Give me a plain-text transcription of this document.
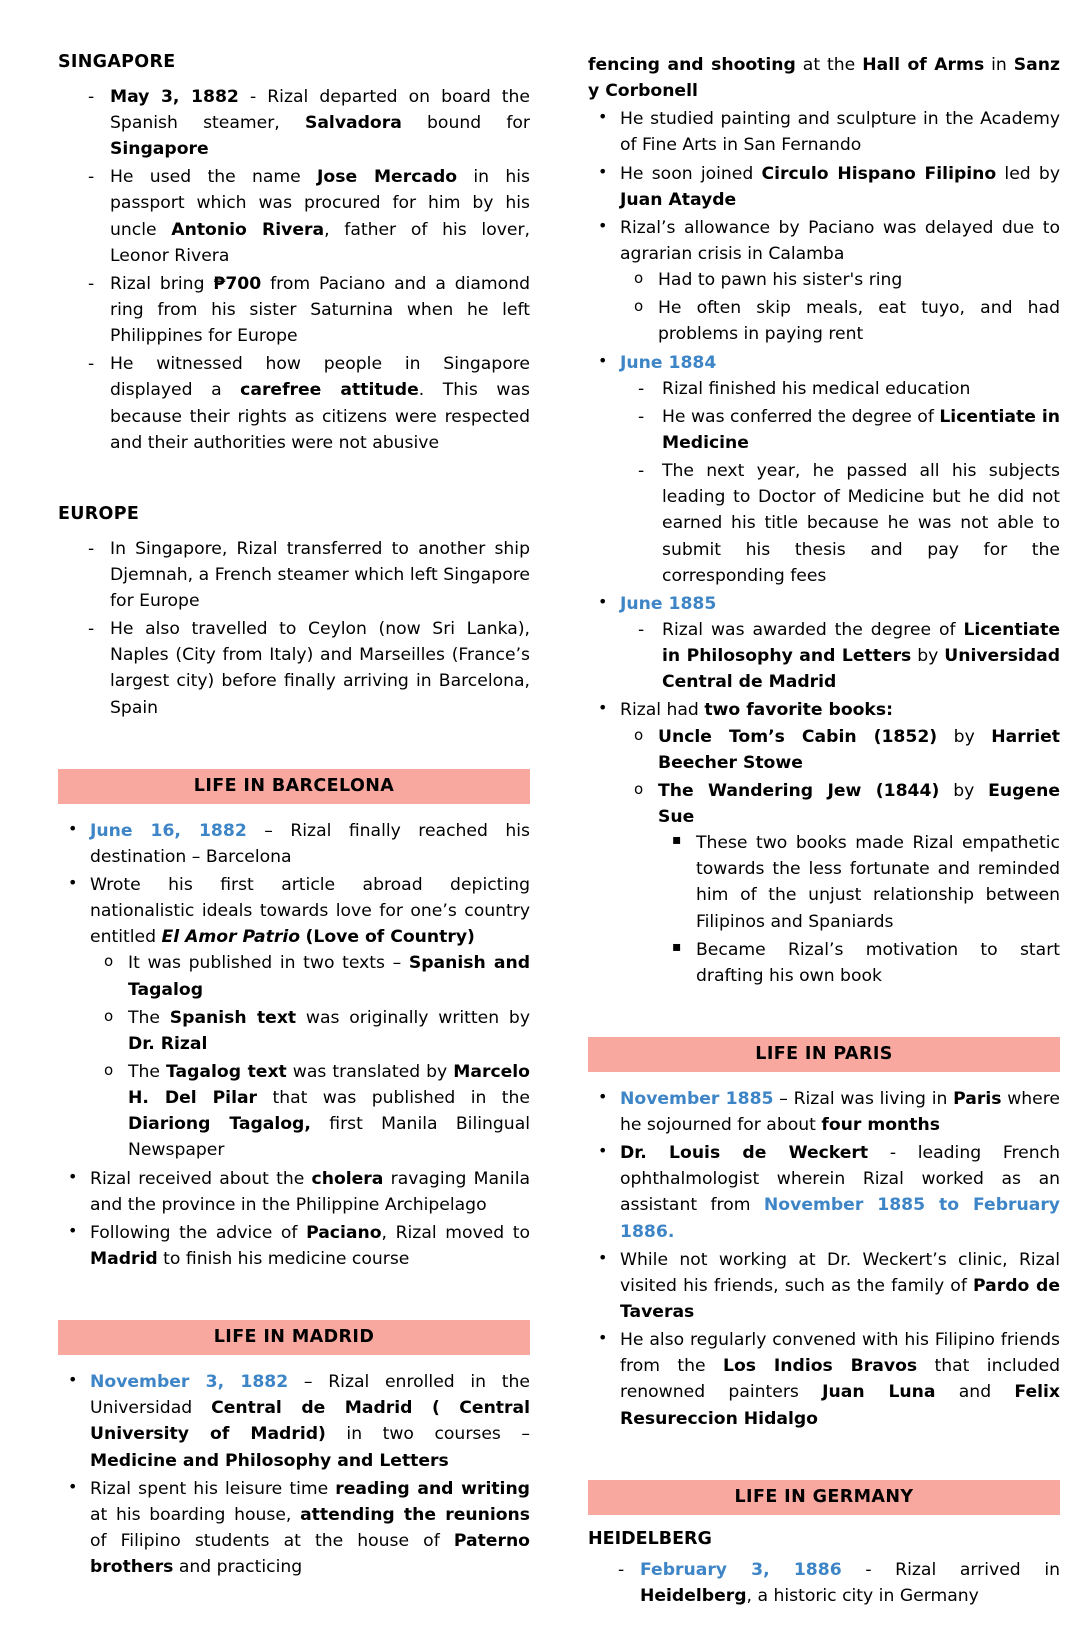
SINGAPORE
- May 3, 1882 - Rizal departed on board the Spanish steamer, Salvadora bound for Singapore
- He used the name Jose Mercado in his passport which was procured for him by his uncle Antonio Rivera, father of his lover, Leonor Rivera
- Rizal bring ₱700 from Paciano and a diamond ring from his sister Saturnina when he left Philippines for Europe
- He witnessed how people in Singapore displayed a carefree attitude. This was because their rights as citizens were respected and their authorities were not abusive
EUROPE
- In Singapore, Rizal transferred to another ship Djemnah, a French steamer which left Singapore for Europe
- He also travelled to Ceylon (now Sri Lanka), Naples (City from Italy) and Marseilles (France’s largest city) before finally arriving in Barcelona, Spain
LIFE IN BARCELONA
• June 16, 1882 – Rizal finally reached his destination – Barcelona
• Wrote his first article abroad depicting nationalistic ideals towards love for one’s country entitled El Amor Patrio (Love of Country)
o It was published in two texts – Spanish and Tagalog
o The Spanish text was originally written by Dr. Rizal
o The Tagalog text was translated by Marcelo H. Del Pilar that was published in the Diariong Tagalog, first Manila Bilingual Newspaper
• Rizal received about the cholera ravaging Manila and the province in the Philippine Archipelago
• Following the advice of Paciano, Rizal moved to Madrid to finish his medicine course
LIFE IN MADRID
• November 3, 1882 – Rizal enrolled in the Universidad Central de Madrid ( Central University of Madrid) in two courses – Medicine and Philosophy and Letters
• Rizal spent his leisure time reading and writing at his boarding house, attending the reunions of Filipino students at the house of Paterno brothers and practicing
fencing and shooting at the Hall of Arms in Sanz y Corbonell
• He studied painting and sculpture in the Academy of Fine Arts in San Fernando
• He soon joined Circulo Hispano Filipino led by Juan Atayde
• Rizal’s allowance by Paciano was delayed due to agrarian crisis in Calamba
o Had to pawn his sister's ring
o He often skip meals, eat tuyo, and had problems in paying rent
• June 1884
- Rizal finished his medical education
- He was conferred the degree of Licentiate in Medicine
- The next year, he passed all his subjects leading to Doctor of Medicine but he did not earned his title because he was not able to submit his thesis and pay for the corresponding fees
• June 1885
- Rizal was awarded the degree of Licentiate in Philosophy and Letters by Universidad Central de Madrid
• Rizal had two favorite books:
o Uncle Tom’s Cabin (1852) by Harriet Beecher Stowe
o The Wandering Jew (1844) by Eugene Sue
▪ These two books made Rizal empathetic towards the less fortunate and reminded him of the unjust relationship between Filipinos and Spaniards
▪ Became Rizal’s motivation to start drafting his own book
LIFE IN PARIS
• November 1885 – Rizal was living in Paris where he sojourned for about four months
• Dr. Louis de Weckert - leading French ophthalmologist wherein Rizal worked as an assistant from November 1885 to February 1886.
• While not working at Dr. Weckert’s clinic, Rizal visited his friends, such as the family of Pardo de Taveras
• He also regularly convened with his Filipino friends from the Los Indios Bravos that included renowned painters Juan Luna and Felix Resureccion Hidalgo
LIFE IN GERMANY
HEIDELBERG
- February 3, 1886 - Rizal arrived in Heidelberg, a historic city in Germany
